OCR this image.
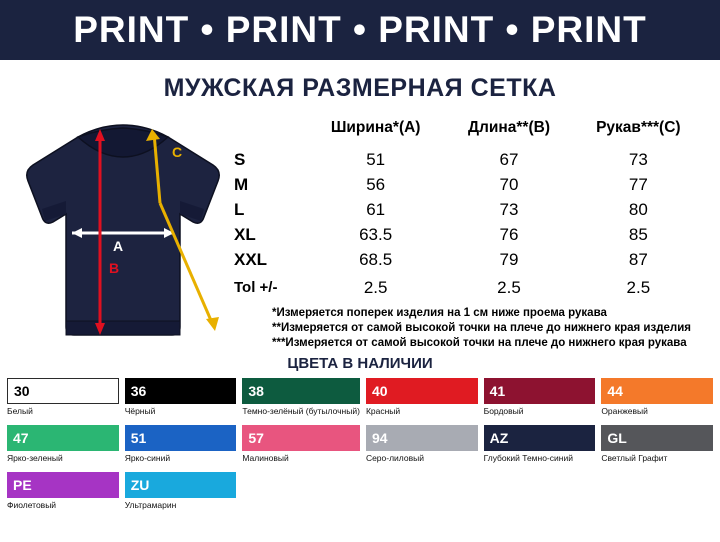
PRINT • PRINT • PRINT • PRINT
МУЖСКАЯ РАЗМЕРНАЯ СЕТКА
A
B
C
	Ширина*(A)	Длина**(B)	Рукав***(C)
S	51	67	73
M	56	70	77
L	61	73	80
XL	63.5	76	85
XXL	68.5	79	87
Tol +/-	2.5	2.5	2.5
*Измеряется поперек изделия на 1 см ниже проема рукава
**Измеряется от самой высокой точки на плече до нижнего края изделия
***Измеряется от самой высокой точки на плече до нижнего края рукава
ЦВЕТА В НАЛИЧИИ
30
Белый
36
Чёрный
38
Темно-зелёный (бутылочный)
40
Красный
41
Бордовый
44
Оранжевый
47
Ярко-зеленый
51
Ярко-синий
57
Малиновый
94
Серо-лиловый
AZ
Глубокий Темно-синий
GL
Светлый Графит
PE
Фиолетовый
ZU
Ультрамарин
